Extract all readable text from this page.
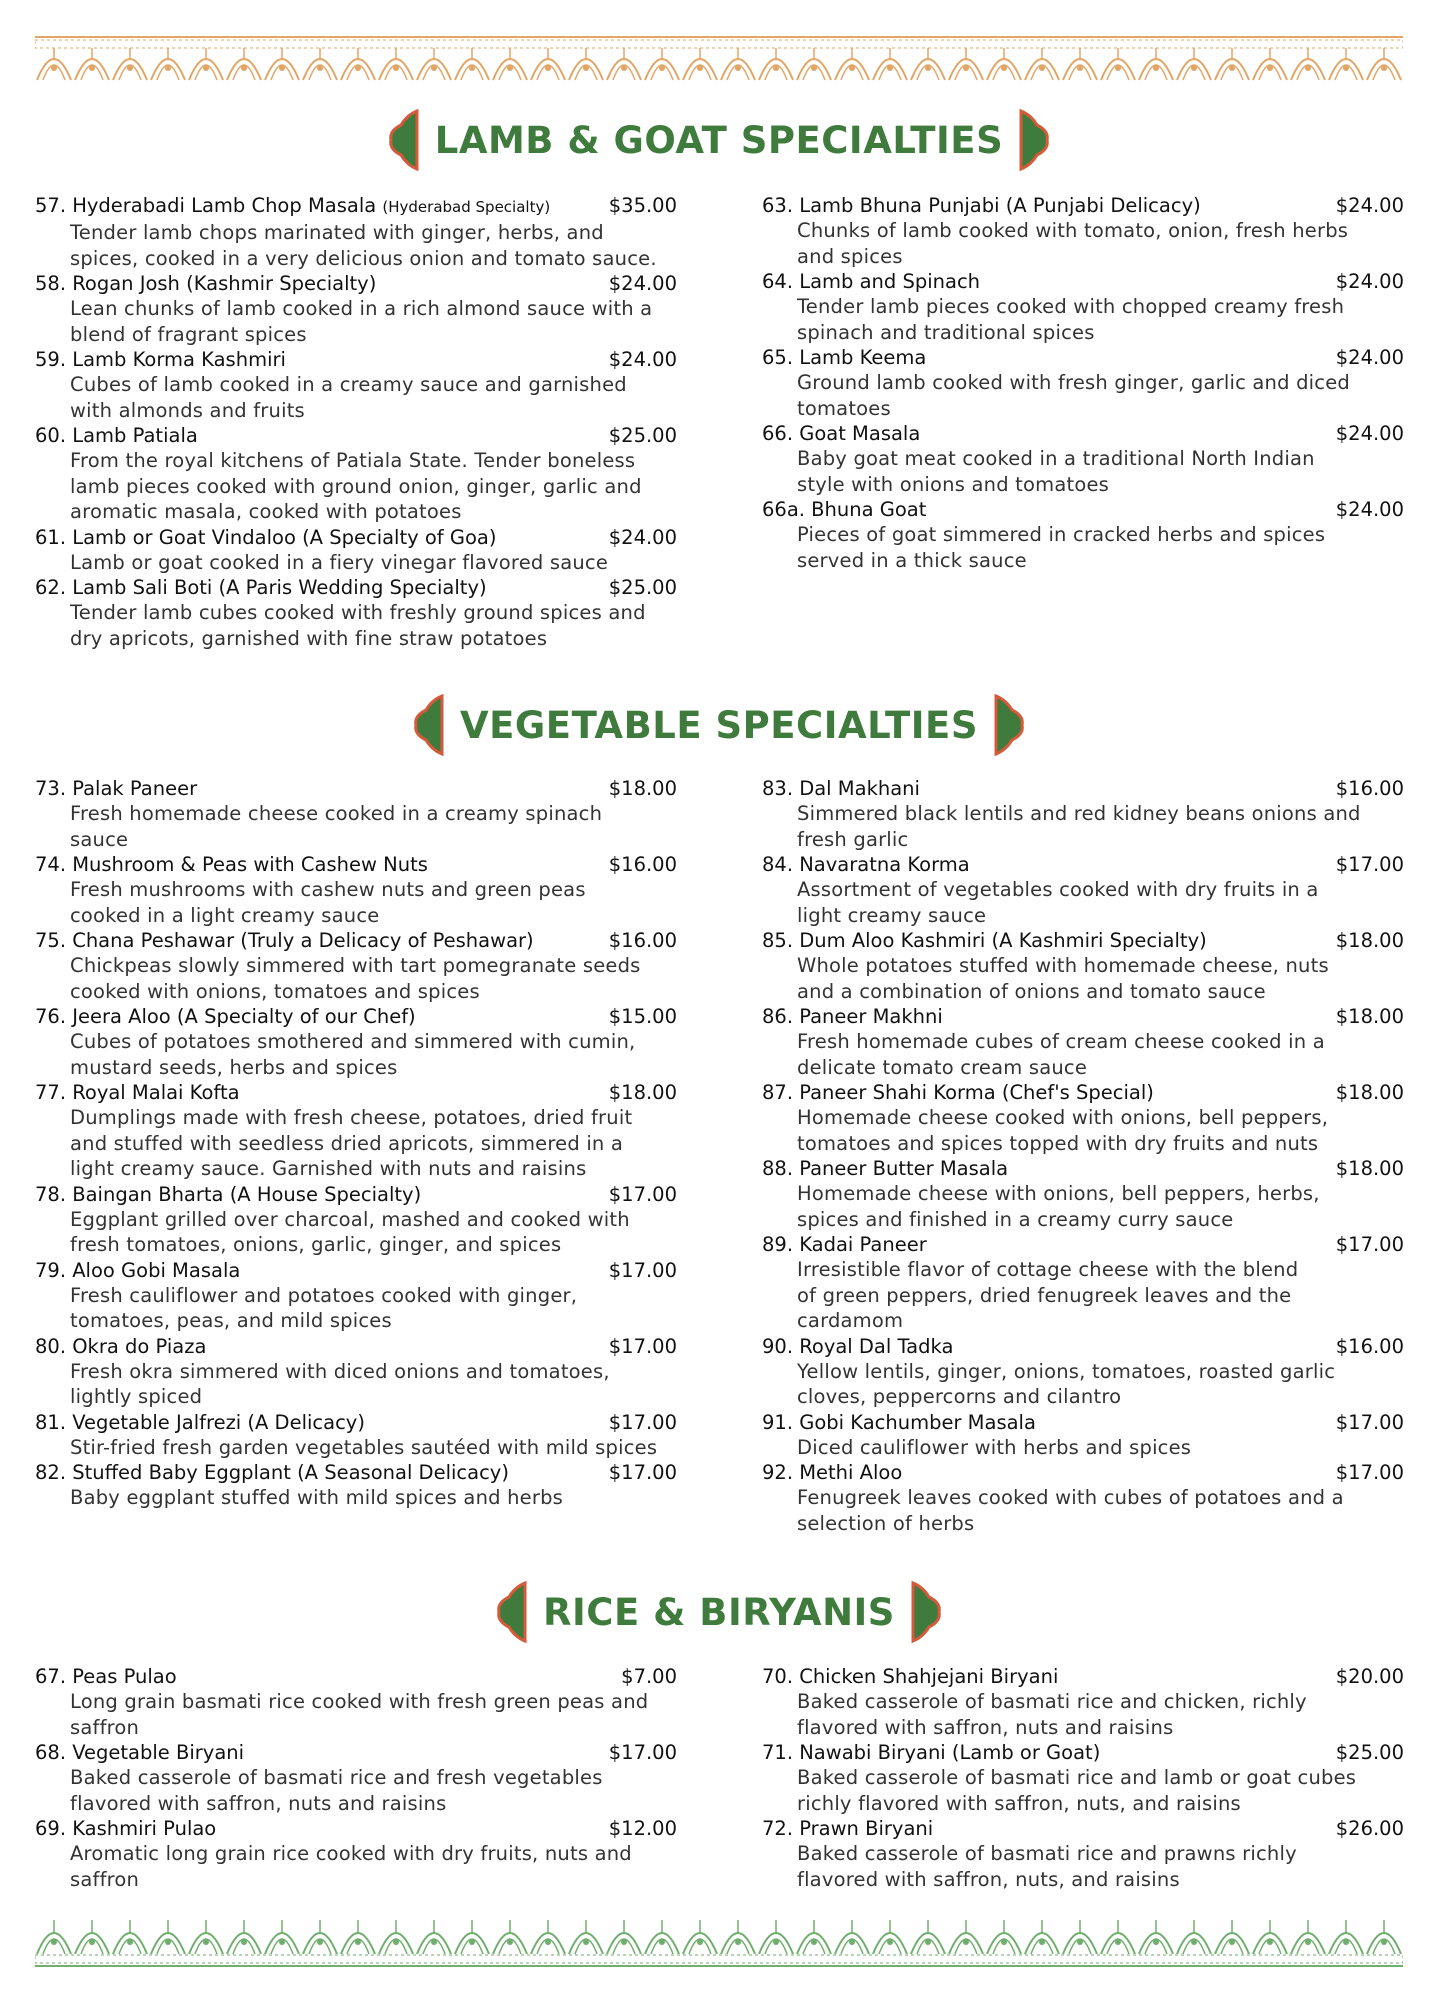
LAMB & GOAT SPECIALTIES
57. Hyderabadi Lamb Chop Masala (Hyderabad Specialty)	$35.00
Tender lamb chops marinated with ginger, herbs, and
spices, cooked in a very delicious onion and tomato sauce.
58. Rogan Josh (Kashmir Specialty)	$24.00
Lean chunks of lamb cooked in a rich almond sauce with a
blend of fragrant spices
59. Lamb Korma Kashmiri	$24.00
Cubes of lamb cooked in a creamy sauce and garnished
with almonds and fruits
60. Lamb Patiala	$25.00
From the royal kitchens of Patiala State. Tender boneless
lamb pieces cooked with ground onion, ginger, garlic and
aromatic masala, cooked with potatoes
61. Lamb or Goat Vindaloo (A Specialty of Goa)	$24.00
Lamb or goat cooked in a fiery vinegar flavored sauce
62. Lamb Sali Boti (A Paris Wedding Specialty)	$25.00
Tender lamb cubes cooked with freshly ground spices and
dry apricots, garnished with fine straw potatoes
63. Lamb Bhuna Punjabi (A Punjabi Delicacy)	$24.00
Chunks of lamb cooked with tomato, onion, fresh herbs
and spices
64. Lamb and Spinach	$24.00
Tender lamb pieces cooked with chopped creamy fresh
spinach and traditional spices
65. Lamb Keema	$24.00
Ground lamb cooked with fresh ginger, garlic and diced
tomatoes
66. Goat Masala	$24.00
Baby goat meat cooked in a traditional North Indian
style with onions and tomatoes
66a. Bhuna Goat	$24.00
Pieces of goat simmered in cracked herbs and spices
served in a thick sauce
VEGETABLE SPECIALTIES
73. Palak Paneer	$18.00
Fresh homemade cheese cooked in a creamy spinach
sauce
74. Mushroom & Peas with Cashew Nuts	$16.00
Fresh mushrooms with cashew nuts and green peas
cooked in a light creamy sauce
75. Chana Peshawar (Truly a Delicacy of Peshawar)	$16.00
Chickpeas slowly simmered with tart pomegranate seeds
cooked with onions, tomatoes and spices
76. Jeera Aloo (A Specialty of our Chef)	$15.00
Cubes of potatoes smothered and simmered with cumin,
mustard seeds, herbs and spices
77. Royal Malai Kofta	$18.00
Dumplings made with fresh cheese, potatoes, dried fruit
and stuffed with seedless dried apricots, simmered in a
light creamy sauce. Garnished with nuts and raisins
78. Baingan Bharta (A House Specialty)	$17.00
Eggplant grilled over charcoal, mashed and cooked with
fresh tomatoes, onions, garlic, ginger, and spices
79. Aloo Gobi Masala	$17.00
Fresh cauliflower and potatoes cooked with ginger,
tomatoes, peas, and mild spices
80. Okra do Piaza	$17.00
Fresh okra simmered with diced onions and tomatoes,
lightly spiced
81. Vegetable Jalfrezi (A Delicacy)	$17.00
Stir-fried fresh garden vegetables sautéed with mild spices
82. Stuffed Baby Eggplant (A Seasonal Delicacy)	$17.00
Baby eggplant stuffed with mild spices and herbs
83. Dal Makhani	$16.00
Simmered black lentils and red kidney beans onions and
fresh garlic
84. Navaratna Korma	$17.00
Assortment of vegetables cooked with dry fruits in a
light creamy sauce
85. Dum Aloo Kashmiri (A Kashmiri Specialty)	$18.00
Whole potatoes stuffed with homemade cheese, nuts
and a combination of onions and tomato sauce
86. Paneer Makhni	$18.00
Fresh homemade cubes of cream cheese cooked in a
delicate tomato cream sauce
87. Paneer Shahi Korma (Chef's Special)	$18.00
Homemade cheese cooked with onions, bell peppers,
tomatoes and spices topped with dry fruits and nuts
88. Paneer Butter Masala	$18.00
Homemade cheese with onions, bell peppers, herbs,
spices and finished in a creamy curry sauce
89. Kadai Paneer	$17.00
Irresistible flavor of cottage cheese with the blend
of green peppers, dried fenugreek leaves and the
cardamom
90. Royal Dal Tadka	$16.00
Yellow lentils, ginger, onions, tomatoes, roasted garlic
cloves, peppercorns and cilantro
91. Gobi Kachumber Masala	$17.00
Diced cauliflower with herbs and spices
92. Methi Aloo	$17.00
Fenugreek leaves cooked with cubes of potatoes and a
selection of herbs
RICE & BIRYANIS
67. Peas Pulao	$7.00
Long grain basmati rice cooked with fresh green peas and
saffron
68. Vegetable Biryani	$17.00
Baked casserole of basmati rice and fresh vegetables
flavored with saffron, nuts and raisins
69. Kashmiri Pulao	$12.00
Aromatic long grain rice cooked with dry fruits, nuts and
saffron
70. Chicken Shahjejani Biryani	$20.00
Baked casserole of basmati rice and chicken, richly
flavored with saffron, nuts and raisins
71. Nawabi Biryani (Lamb or Goat)	$25.00
Baked casserole of basmati rice and lamb or goat cubes
richly flavored with saffron, nuts, and raisins
72. Prawn Biryani	$26.00
Baked casserole of basmati rice and prawns richly
flavored with saffron, nuts, and raisins
